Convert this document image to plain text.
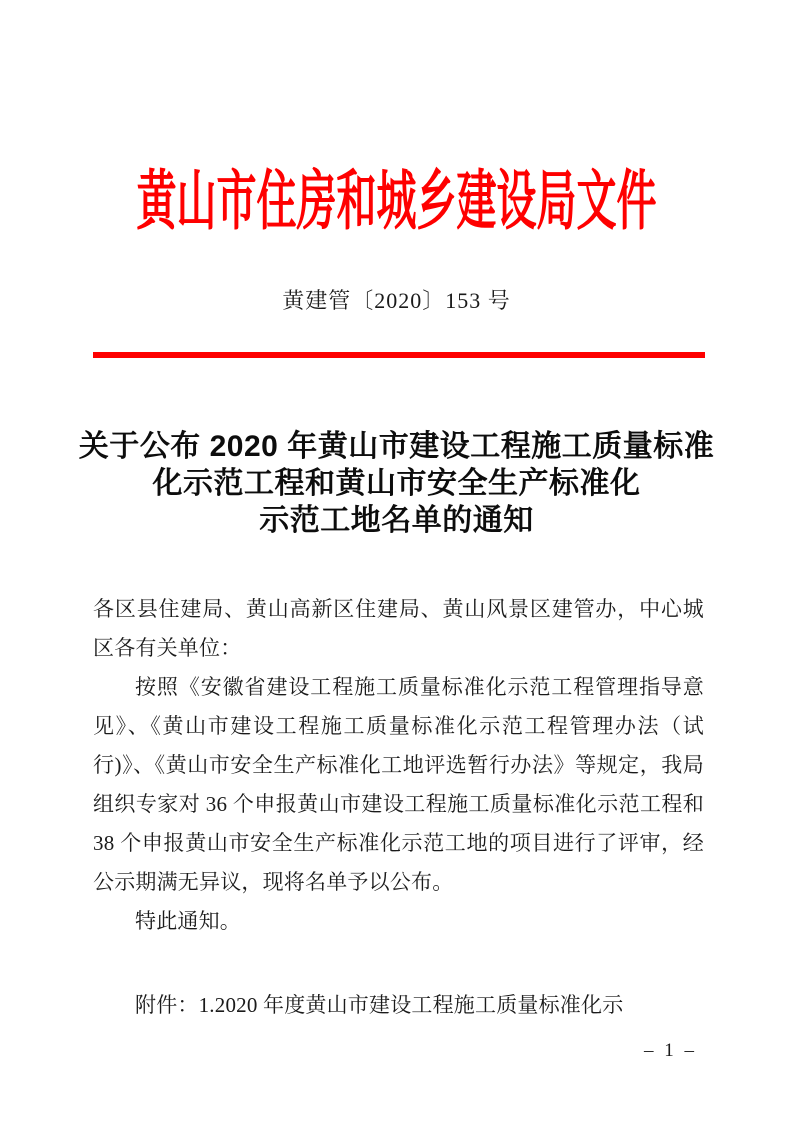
黄山市住房和城乡建设局文件
黄建管〔2020〕153 号
关于公布 2020 年黄山市建设工程施工质量标准
化示范工程和黄山市安全生产标准化
示范工地名单的通知
各区县住建局、黄山高新区住建局、黄山风景区建管办，中心城
区各有关单位：
按照《安徽省建设工程施工质量标准化示范工程管理指导意
见》、《黄山市建设工程施工质量标准化示范工程管理办法（试
行)》、《黄山市安全生产标准化工地评选暂行办法》等规定，我局
组织专家对 36 个申报黄山市建设工程施工质量标准化示范工程和
38 个申报黄山市安全生产标准化示范工地的项目进行了评审，经
公示期满无异议，现将名单予以公布。
特此通知。
附件：1.2020 年度黄山市建设工程施工质量标准化示
– 1 –
